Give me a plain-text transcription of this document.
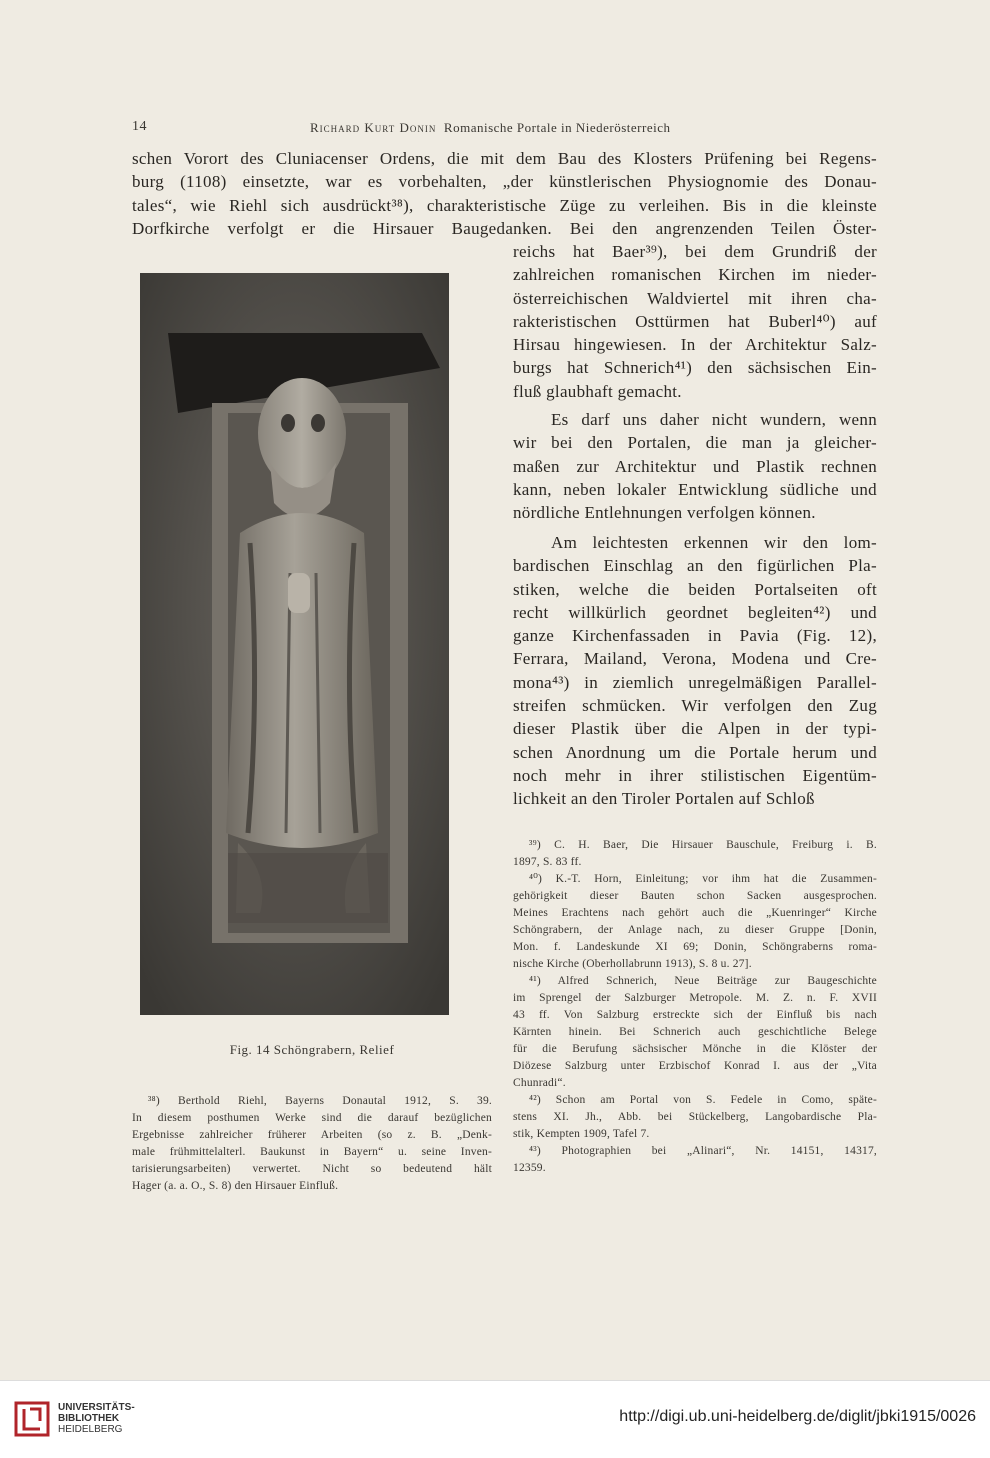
14	Richard Kurt Donin Romanische Portale in Niederösterreich
schen Vorort des Cluniacenser Ordens, die mit dem Bau des Klosters Prüfening bei Regens-
burg (1108) einsetzte, war es vorbehalten, „der künstlerischen Physiognomie des Donau-
tales“, wie Riehl sich ausdrückt³⁸), charakteristische Züge zu verleihen. Bis in die kleinste
Dorfkirche verfolgt er die Hirsauer Baugedanken. Bei den angrenzenden Teilen Öster-
reichs hat Baer³⁹), bei dem Grundriß der
zahlreichen romanischen Kirchen im nieder-
österreichischen Waldviertel mit ihren cha-
rakteristischen Osttürmen hat Buberl⁴⁰) auf
Hirsau hingewiesen. In der Architektur Salz-
burgs hat Schnerich⁴¹) den sächsischen Ein-
fluß glaubhaft gemacht.
Es darf uns daher nicht wundern, wenn
wir bei den Portalen, die man ja gleicher-
maßen zur Architektur und Plastik rechnen
kann, neben lokaler Entwicklung südliche und
nördliche Entlehnungen verfolgen können.
Am leichtesten erkennen wir den lom-
bardischen Einschlag an den figürlichen Pla-
stiken, welche die beiden Portalseiten oft
recht willkürlich geordnet begleiten⁴²) und
ganze Kirchenfassaden in Pavia (Fig. 12),
Ferrara, Mailand, Verona, Modena und Cre-
mona⁴³) in ziemlich unregelmäßigen Parallel-
streifen schmücken. Wir verfolgen den Zug
dieser Plastik über die Alpen in der typi-
schen Anordnung um die Portale herum und
noch mehr in ihrer stilistischen Eigentüm-
lichkeit an den Tiroler Portalen auf Schloß
Fig. 14 Schöngrabern, Relief
³⁸) Berthold Riehl, Bayerns Donautal 1912, S. 39.
In diesem posthumen Werke sind die darauf bezüglichen
Ergebnisse zahlreicher früherer Arbeiten (so z. B. „Denk-
male frühmittelalterl. Baukunst in Bayern“ u. seine Inven-
tarisierungsarbeiten) verwertet. Nicht so bedeutend hält
Hager (a. a. O., S. 8) den Hirsauer Einfluß.
³⁹) C. H. Baer, Die Hirsauer Bauschule, Freiburg i. B.
1897, S. 83 ff.
⁴⁰) K.-T. Horn, Einleitung; vor ihm hat die Zusammen-
gehörigkeit dieser Bauten schon Sacken ausgesprochen.
Meines Erachtens nach gehört auch die „Kuenringer“ Kirche
Schöngrabern, der Anlage nach, zu dieser Gruppe [Donin,
Mon. f. Landeskunde XI 69; Donin, Schöngraberns roma-
nische Kirche (Oberhollabrunn 1913), S. 8 u. 27].
⁴¹) Alfred Schnerich, Neue Beiträge zur Baugeschichte
im Sprengel der Salzburger Metropole. M. Z. n. F. XVII
43 ff. Von Salzburg erstreckte sich der Einfluß bis nach
Kärnten hinein. Bei Schnerich auch geschichtliche Belege
für die Berufung sächsischer Mönche in die Klöster der
Diözese Salzburg unter Erzbischof Konrad I. aus der „Vita
Chunradi“.
⁴²) Schon am Portal von S. Fedele in Como, späte-
stens XI. Jh., Abb. bei Stückelberg, Langobardische Pla-
stik, Kempten 1909, Tafel 7.
⁴³) Photographien bei „Alinari“, Nr. 14151, 14317,
12359.
UNIVERSITÄTS-
BIBLIOTHEK
HEIDELBERG
http://digi.ub.uni-heidelberg.de/diglit/jbki1915/0026
